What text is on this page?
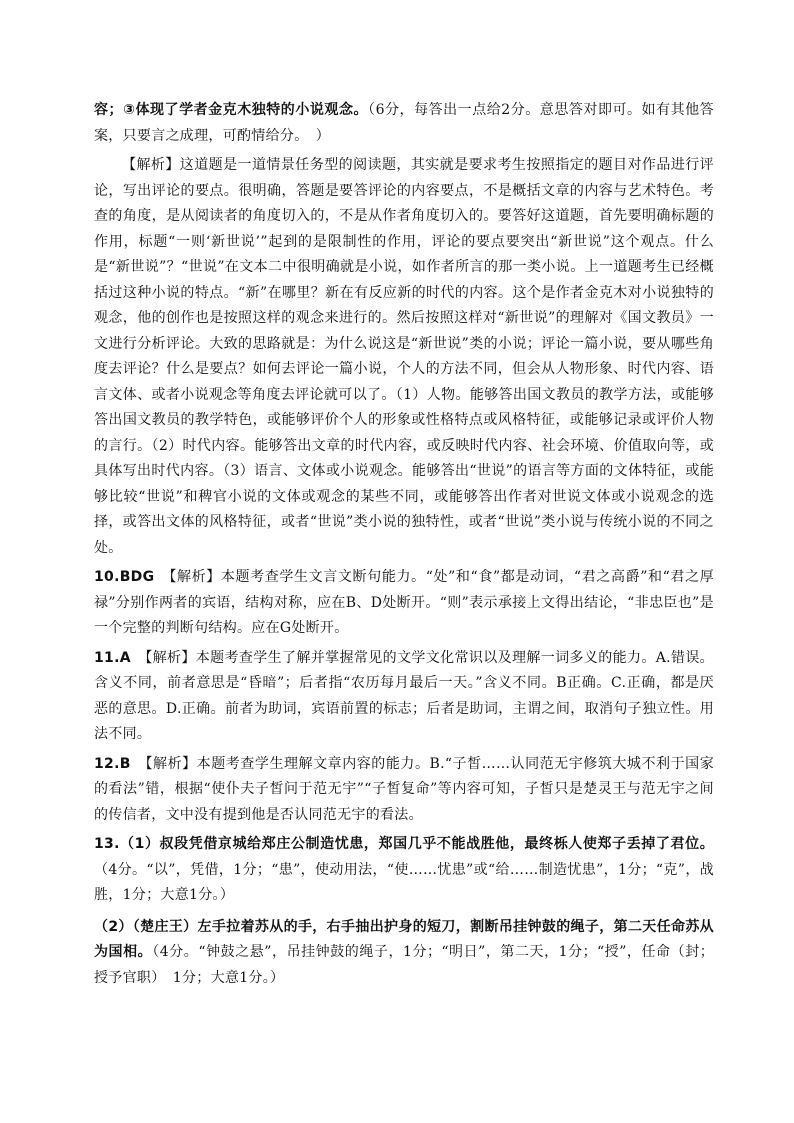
容；③体现了学者金克木独特的小说观念。（6分，每答出一点给2分。意思答对即可。如有其他答案，只要言之成理，可酌情给分。　）

【解析】这道题是一道情景任务型的阅读题，其实就是要求考生按照指定的题目对作品进行评论，写出评论的要点。很明确，答题是要答评论的内容要点，不是概括文章的内容与艺术特色。考查的角度，是从阅读者的角度切入的，不是从作者角度切入的。要答好这道题，首先要明确标题的作用，标题“一则‘新世说’”起到的是限制性的作用，评论的要点要突出“新世说”这个观点。什么是“新世说”？“世说”在文本二中很明确就是小说，如作者所言的那一类小说。上一道题考生已经概括过这种小说的特点。“新”在哪里？新在有反应新的时代的内容。这个是作者金克木对小说独特的观念，他的创作也是按照这样的观念来进行的。然后按照这样对“新世说”的理解对《国文教员》一文进行分析评论。大致的思路就是：为什么说这是“新世说”类的小说；评论一篇小说，要从哪些角度去评论？什么是要点？如何去评论一篇小说，个人的方法不同，但会从人物形象、时代内容、语言文体、或者小说观念等角度去评论就可以了。（1）人物。能够答出国文教员的教学方法，或能够答出国文教员的教学特色，或能够评价个人的形象或性格特点或风格特征，或能够记录或评价人物的言行。（2）时代内容。能够答出文章的时代内容，或反映时代内容、社会环境、价值取向等，或具体写出时代内容。（3）语言、文体或小说观念。能够答出“世说”的语言等方面的文体特征，或能够比较“世说”和稗官小说的文体或观念的某些不同，或能够答出作者对世说文体或小说观念的选择，或答出文体的风格特征，或者“世说”类小说的独特性，或者“世说”类小说与传统小说的不同之处。

10.BDG　【解析】本题考查学生文言文断句能力。“处”和“食”都是动词，“君之高爵”和“君之厚禄”分别作两者的宾语，结构对称，应在B、D处断开。“则”表示承接上文得出结论，“非忠臣也”是一个完整的判断句结构。应在G处断开。

11.A　【解析】本题考查学生了解并掌握常见的文学文化常识以及理解一词多义的能力。A.错误。含义不同，前者意思是“昏暗”；后者指“农历每月最后一天。”含义不同。B正确。C.正确，都是厌恶的意思。D.正确。前者为助词，宾语前置的标志；后者是助词，主谓之间，取消句子独立性。用法不同。

12.B　【解析】本题考查学生理解文章内容的能力。B.“子皙……认同范无宇修筑大城不利于国家的看法”错，根据“使仆夫子皙问于范无宇”“子皙复命”等内容可知，子皙只是楚灵王与范无宇之间的传信者，文中没有提到他是否认同范无宇的看法。

13.（1）叔段凭借京城给郑庄公制造忧患，郑国几乎不能战胜他，最终栎人使郑子丢掉了君位。（4分。“以”，凭借，1分；“患”，使动用法，“使……忧患”或“给……制造忧患”，1分；“克”，战胜，1分；大意1分。）

（2）（楚庄王）左手拉着苏从的手，右手抽出护身的短刀，割断吊挂钟鼓的绳子，第二天任命苏从为国相。（4分。“钟鼓之悬”，吊挂钟鼓的绳子，1分；“明日”，第二天，1分；“授”，任命（封；授予官职）　1分；大意1分。）
